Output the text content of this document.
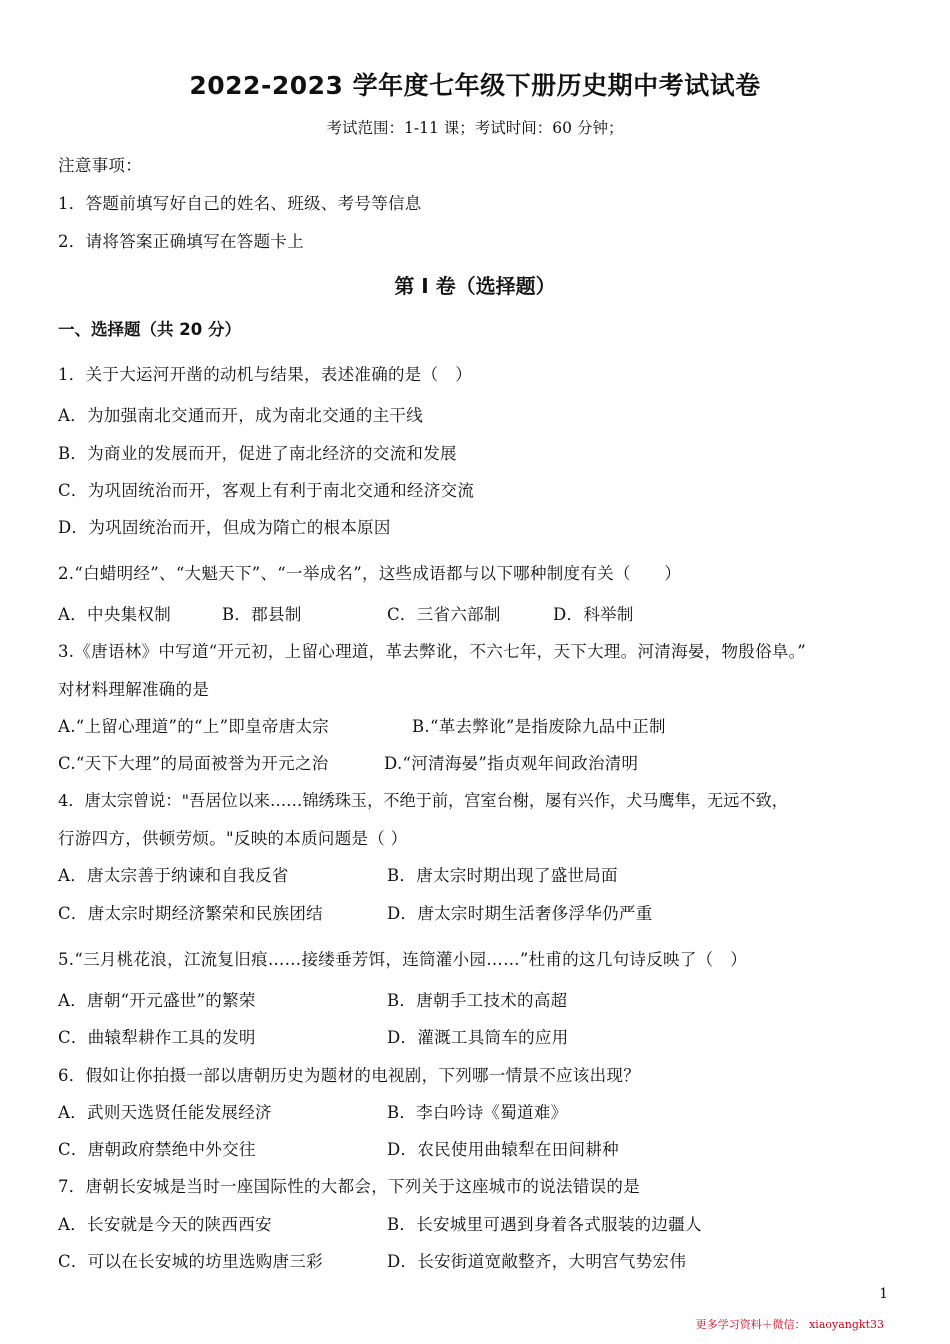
2022-2023 学年度七年级下册历史期中考试试卷
考试范围：1-11 课；考试时间：60 分钟；
注意事项：
1．答题前填写好自己的姓名、班级、考号等信息
2．请将答案正确填写在答题卡上
第 I 卷（选择题）
一、选择题（共 20 分）
1．关于大运河开凿的动机与结果，表述准确的是（　）
A．为加强南北交通而开，成为南北交通的主干线
B．为商业的发展而开，促进了南北经济的交流和发展
C．为巩固统治而开，客观上有利于南北交通和经济交流
D．为巩固统治而开，但成为隋亡的根本原因
2.“白蜡明经”、“大魁天下”、“一举成名”，这些成语都与以下哪种制度有关（　　）
A．中央集权制	B．郡县制	C．三省六部制	D．科举制
3.《唐语林》中写道“开元初，上留心理道，革去弊讹，不六七年，天下大理。河清海晏，物殷俗阜。”
对材料理解准确的是
A.“上留心理道”的“上”即皇帝唐太宗	B.“革去弊讹”是指废除九品中正制
C.“天下大理”的局面被誉为开元之治	D.“河清海晏”指贞观年间政治清明
4．唐太宗曾说："吾居位以来……锦绣珠玉，不绝于前，宫室台榭，屡有兴作，犬马鹰隼，无远不致，
行游四方，供顿劳烦。"反映的本质问题是（ ）
A．唐太宗善于纳谏和自我反省	B．唐太宗时期出现了盛世局面
C．唐太宗时期经济繁荣和民族团结	D．唐太宗时期生活奢侈浮华仍严重
5.“三月桃花浪，江流复旧痕……接缕垂芳饵，连筒灌小园……”杜甫的这几句诗反映了（　）
A．唐朝“开元盛世”的繁荣	B．唐朝手工技术的高超
C．曲辕犁耕作工具的发明	D．灌溉工具筒车的应用
6．假如让你拍摄一部以唐朝历史为题材的电视剧，下列哪一情景不应该出现？
A．武则天选贤任能发展经济	B．李白吟诗《蜀道难》
C．唐朝政府禁绝中外交往	D．农民使用曲辕犁在田间耕种
7．唐朝长安城是当时一座国际性的大都会，下列关于这座城市的说法错误的是
A．长安就是今天的陕西西安	B．长安城里可遇到身着各式服装的边疆人
C．可以在长安城的坊里选购唐三彩	D．长安街道宽敞整齐，大明宫气势宏伟
1
更多学习资料＋微信： xiaoyangkt33
